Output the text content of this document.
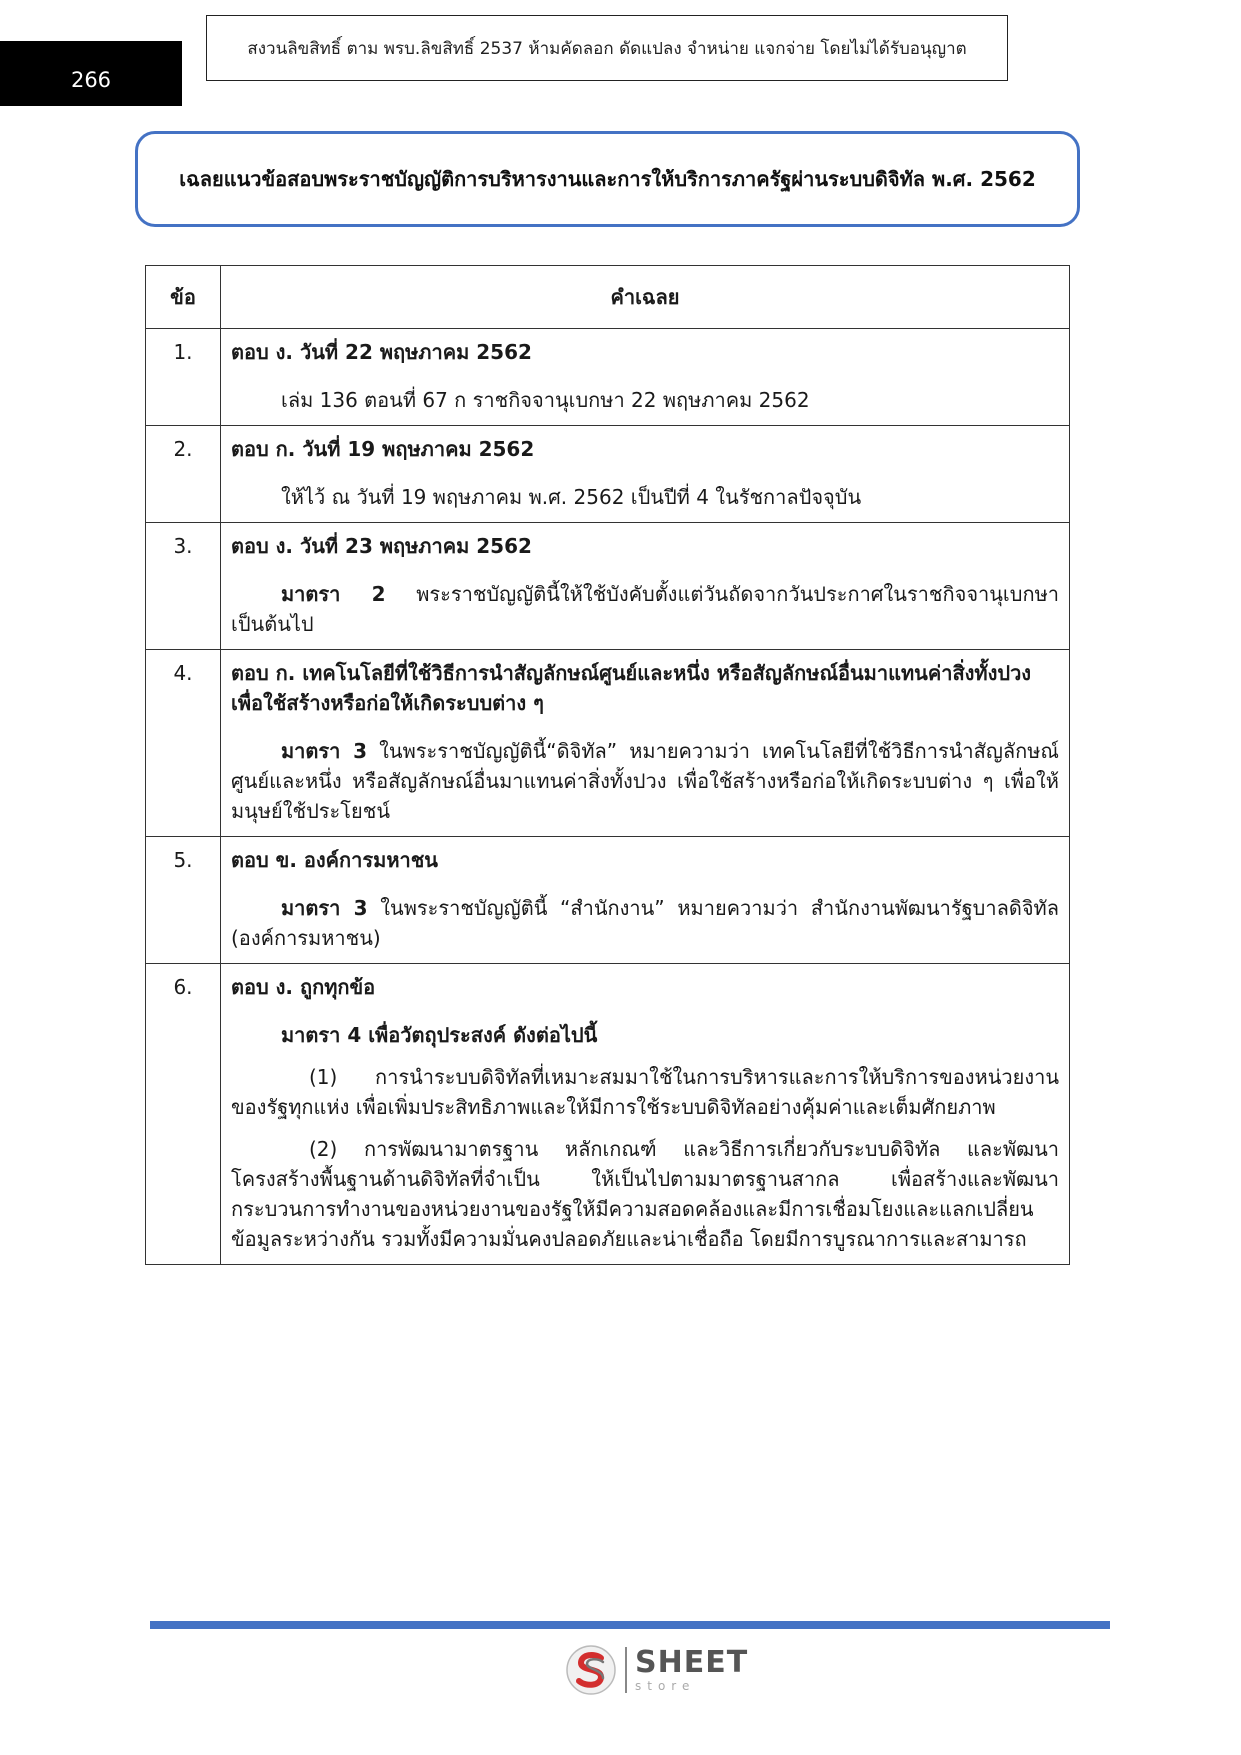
266
สงวนลิขสิทธิ์ ตาม พรบ.ลิขสิทธิ์ 2537 ห้ามคัดลอก ดัดแปลง จำหน่าย แจกจ่าย โดยไม่ได้รับอนุญาต
เฉลยแนวข้อสอบพระราชบัญญัติการบริหารงานและการให้บริการภาครัฐผ่านระบบดิจิทัล พ.ศ. 2562
ข้อ	คำเฉลย
1.	ตอบ ง. วันที่ 22 พฤษภาคม 2562

เล่ม 136 ตอนที่ 67 ก ราชกิจจานุเบกษา 22 พฤษภาคม 2562

2.	ตอบ ก. วันที่ 19 พฤษภาคม 2562

ให้ไว้ ณ วันที่ 19 พฤษภาคม พ.ศ. 2562 เป็นปีที่ 4 ในรัชกาลปัจจุบัน

3.	ตอบ ง. วันที่ 23 พฤษภาคม 2562

มาตรา 2 พระราชบัญญัตินี้ให้ใช้บังคับตั้งแต่วันถัดจากวันประกาศในราชกิจจานุเบกษาเป็นต้นไป

4.	ตอบ ก. เทคโนโลยีที่ใช้วิธีการนำสัญลักษณ์ศูนย์และหนึ่ง หรือสัญลักษณ์อื่นมาแทนค่าสิ่งทั้งปวง เพื่อใช้สร้างหรือก่อให้เกิดระบบต่าง ๆ

มาตรา 3 ในพระราชบัญญัตินี้“ดิจิทัล” หมายความว่า เทคโนโลยีที่ใช้วิธีการนำสัญลักษณ์ศูนย์และหนึ่ง หรือสัญลักษณ์อื่นมาแทนค่าสิ่งทั้งปวง เพื่อใช้สร้างหรือก่อให้เกิดระบบต่าง ๆ เพื่อให้มนุษย์ใช้ประโยชน์

5.	ตอบ ข. องค์การมหาชน

มาตรา 3 ในพระราชบัญญัตินี้ “สำนักงาน” หมายความว่า สำนักงานพัฒนารัฐบาลดิจิทัล (องค์การมหาชน)

6.	ตอบ ง. ถูกทุกข้อ

มาตรา 4 เพื่อวัตถุประสงค์ ดังต่อไปนี้

(1) การนำระบบดิจิทัลที่เหมาะสมมาใช้ในการบริหารและการให้บริการของหน่วยงานของรัฐทุกแห่ง เพื่อเพิ่มประสิทธิภาพและให้มีการใช้ระบบดิจิทัลอย่างคุ้มค่าและเต็มศักยภาพ

(2) การพัฒนามาตรฐาน หลักเกณฑ์ และวิธีการเกี่ยวกับระบบดิจิทัล และพัฒนาโครงสร้างพื้นฐานด้านดิจิทัลที่จำเป็น ให้เป็นไปตามมาตรฐานสากล เพื่อสร้างและพัฒนากระบวนการทำงานของหน่วยงานของรัฐให้มีความสอดคล้องและมีการเชื่อมโยงและแลกเปลี่ยนข้อมูลระหว่างกัน รวมทั้งมีความมั่นคงปลอดภัยและน่าเชื่อถือ โดยมีการบูรณาการและสามารถ

SHEET
store
